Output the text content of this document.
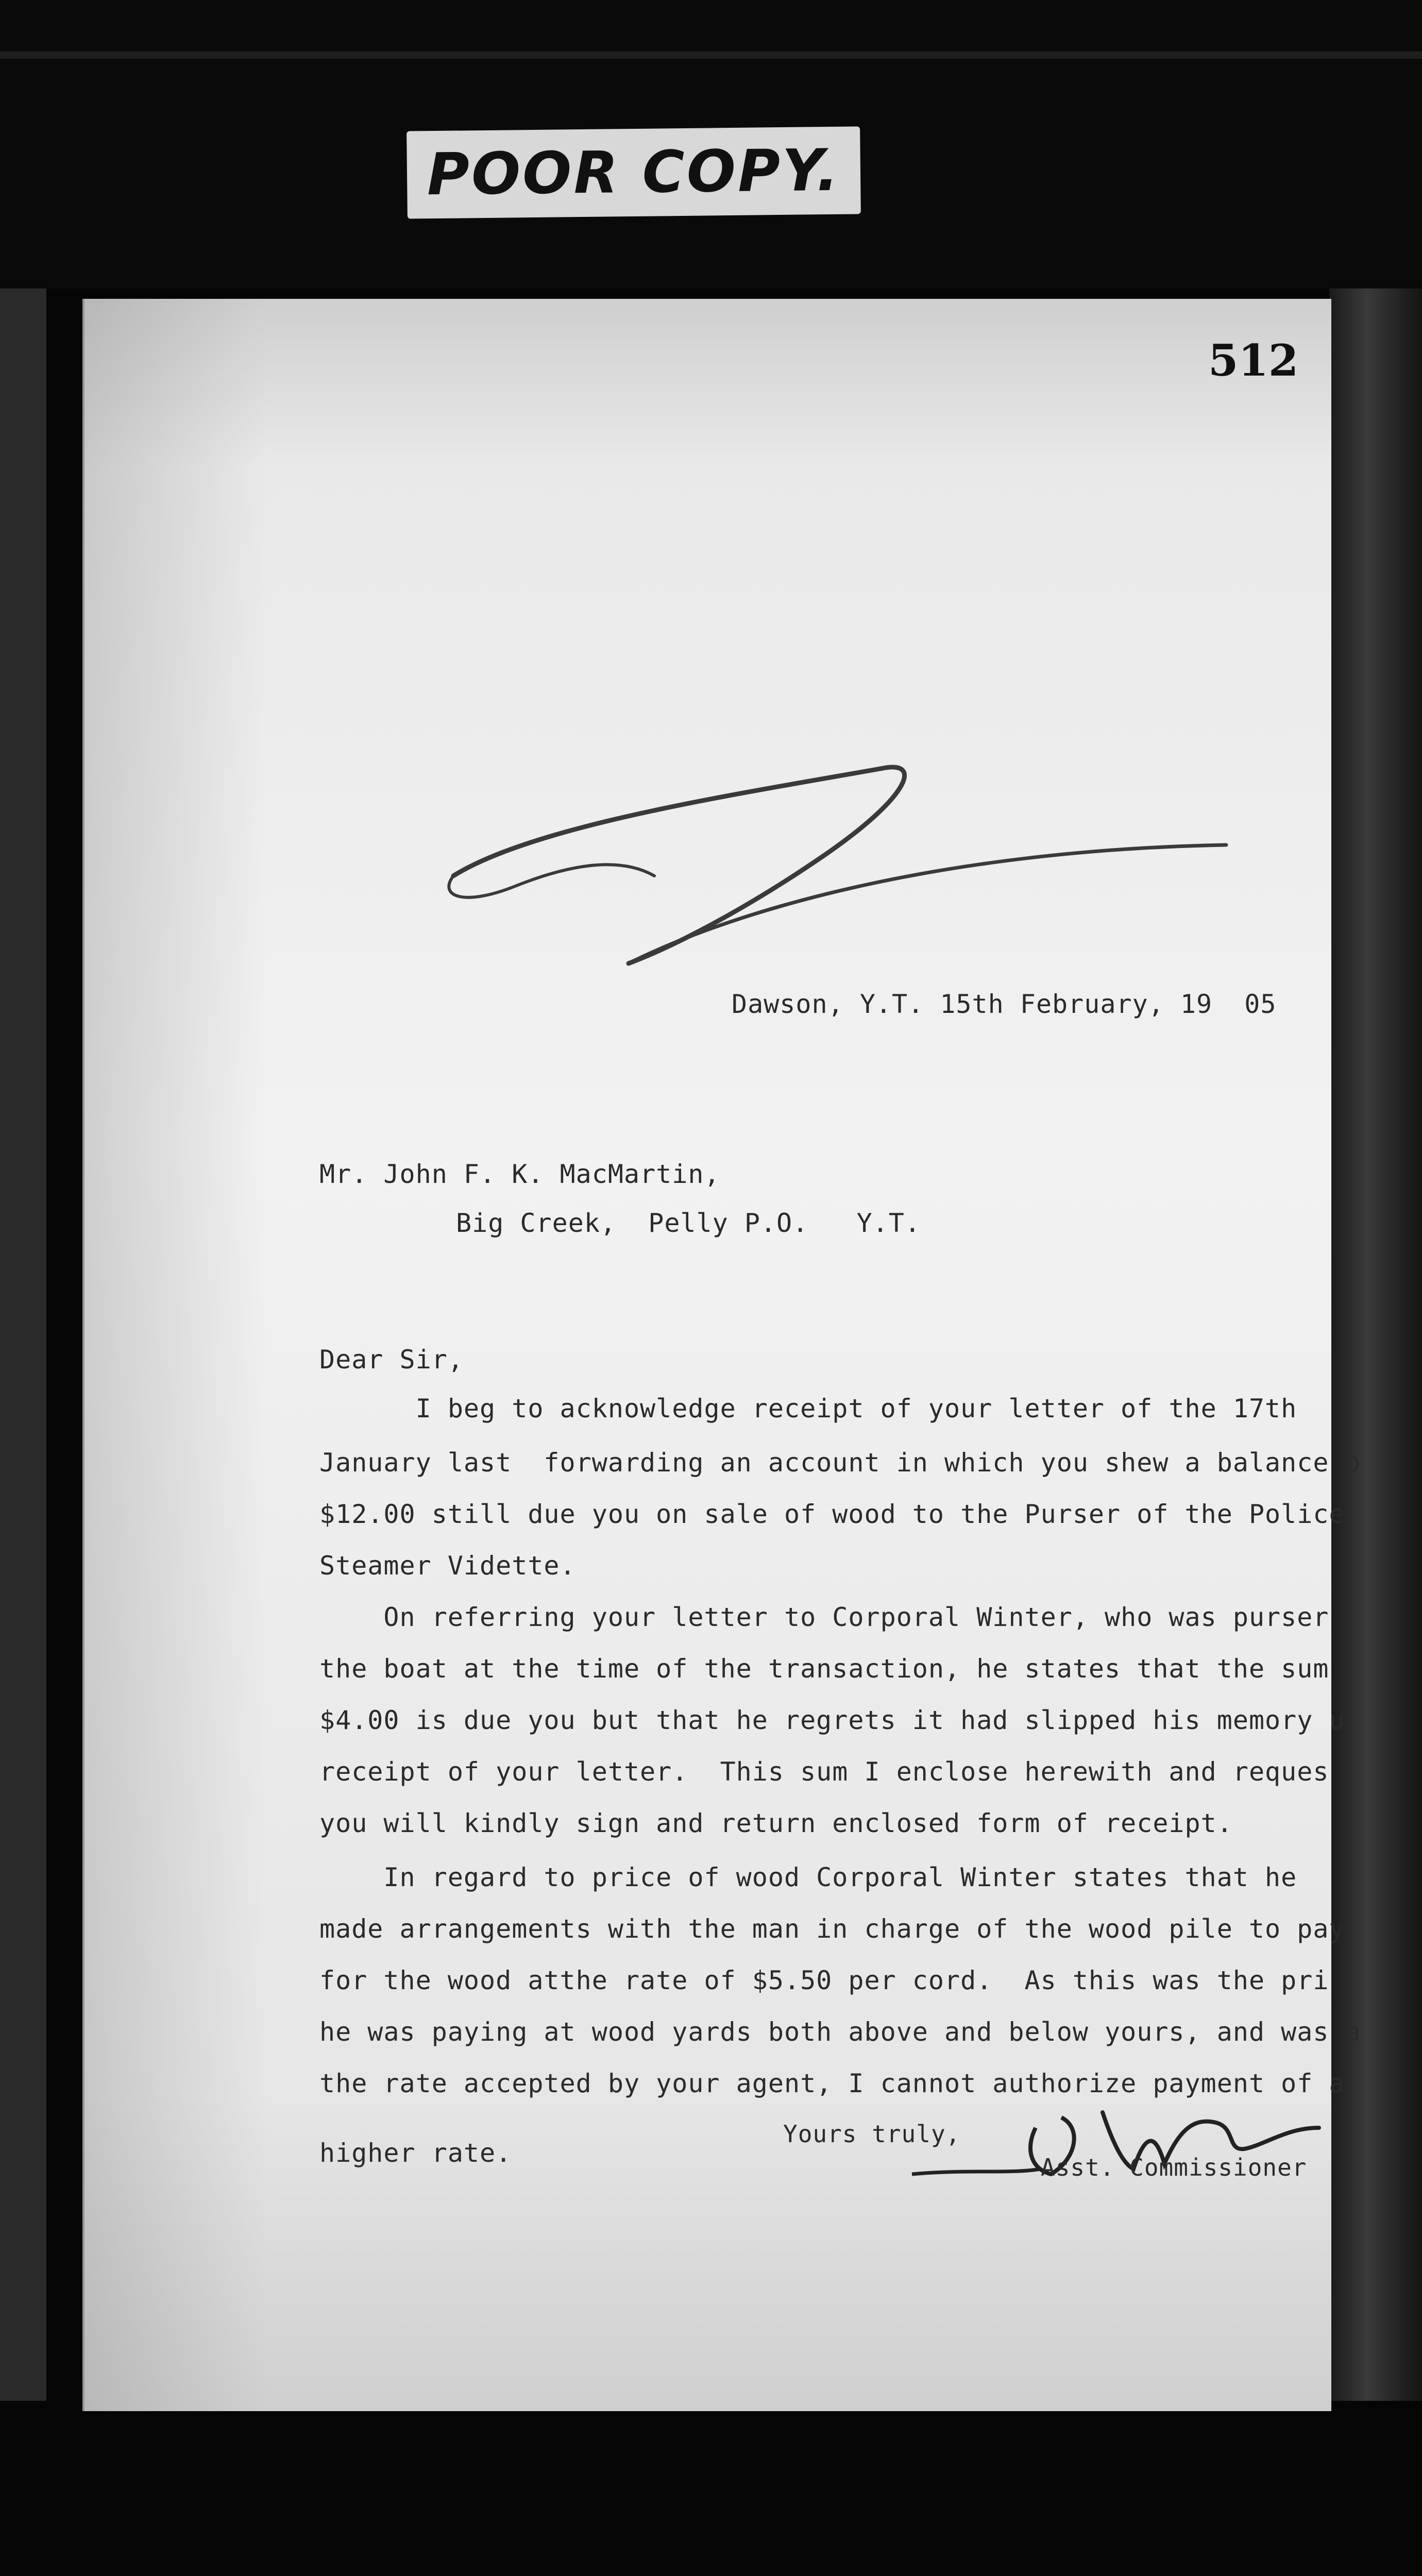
POOR COPY.
512
Dawson, Y.T. 15th February, 19  05
Mr. John F. K. MacMartin,
Big Creek,  Pelly P.O.   Y.T.
Dear Sir,
I beg to acknowledge receipt of your letter of the 17th
January last  forwarding an account in which you shew a balance o
$12.00 still due you on sale of wood to the Purser of the Police
Steamer Vidette.
On referring your letter to Corporal Winter, who was purser
the boat at the time of the transaction, he states that the sum
$4.00 is due you but that he regrets it had slipped his memory u
receipt of your letter.  This sum I enclose herewith and reques
you will kindly sign and return enclosed form of receipt.
In regard to price of wood Corporal Winter states that he
made arrangements with the man in charge of the wood pile to pay
for the wood atthe rate of $5.50 per cord.  As this was the pri
he was paying at wood yards both above and below yours, and was a
the rate accepted by your agent, I cannot authorize payment of a
higher rate.
Yours truly,
Asst. Commissioner
